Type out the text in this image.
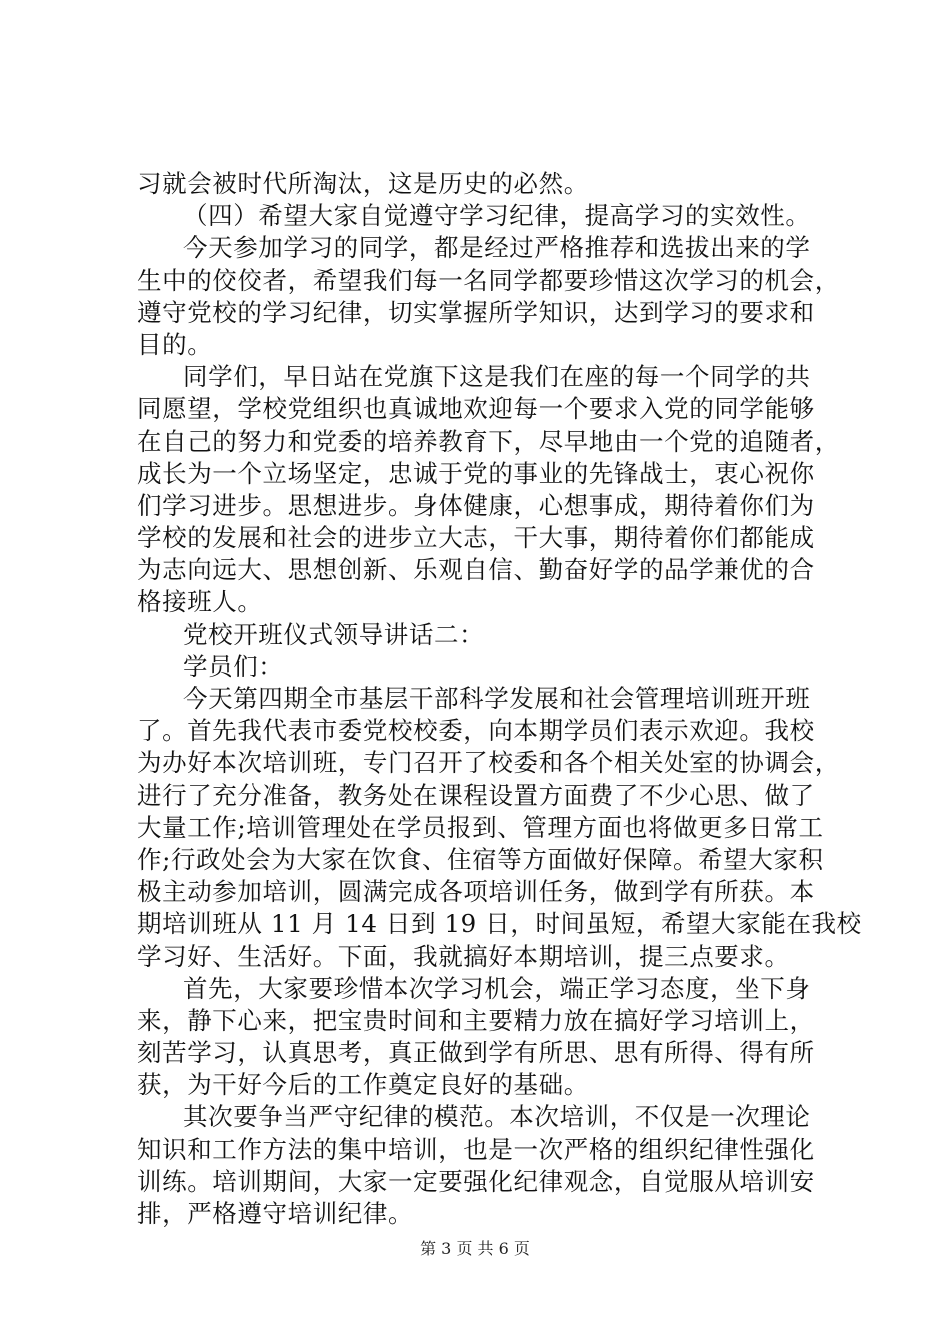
习就会被时代所淘汰，这是历史的必然。
（四）希望大家自觉遵守学习纪律，提高学习的实效性。
今天参加学习的同学，都是经过严格推荐和选拔出来的学
生中的佼佼者，希望我们每一名同学都要珍惜这次学习的机会，
遵守党校的学习纪律，切实掌握所学知识，达到学习的要求和
目的。
同学们，早日站在党旗下这是我们在座的每一个同学的共
同愿望，学校党组织也真诚地欢迎每一个要求入党的同学能够
在自己的努力和党委的培养教育下，尽早地由一个党的追随者，
成长为一个立场坚定，忠诚于党的事业的先锋战士，衷心祝你
们学习进步。思想进步。身体健康，心想事成，期待着你们为
学校的发展和社会的进步立大志，干大事，期待着你们都能成
为志向远大、思想创新、乐观自信、勤奋好学的品学兼优的合
格接班人。
党校开班仪式领导讲话二：
学员们：
今天第四期全市基层干部科学发展和社会管理培训班开班
了。首先我代表市委党校校委，向本期学员们表示欢迎。我校
为办好本次培训班，专门召开了校委和各个相关处室的协调会，
进行了充分准备，教务处在课程设置方面费了不少心思、做了
大量工作;培训管理处在学员报到、管理方面也将做更多日常工
作;行政处会为大家在饮食、住宿等方面做好保障。希望大家积
极主动参加培训，圆满完成各项培训任务，做到学有所获。本
期培训班从 11 月 14 日到 19 日，时间虽短，希望大家能在我校
学习好、生活好。下面，我就搞好本期培训，提三点要求。
首先，大家要珍惜本次学习机会，端正学习态度，坐下身
来，静下心来，把宝贵时间和主要精力放在搞好学习培训上，
刻苦学习，认真思考，真正做到学有所思、思有所得、得有所
获，为干好今后的工作奠定良好的基础。
其次要争当严守纪律的模范。本次培训，不仅是一次理论
知识和工作方法的集中培训，也是一次严格的组织纪律性强化
训练。培训期间，大家一定要强化纪律观念，自觉服从培训安
排，严格遵守培训纪律。
第 3 页 共 6 页
